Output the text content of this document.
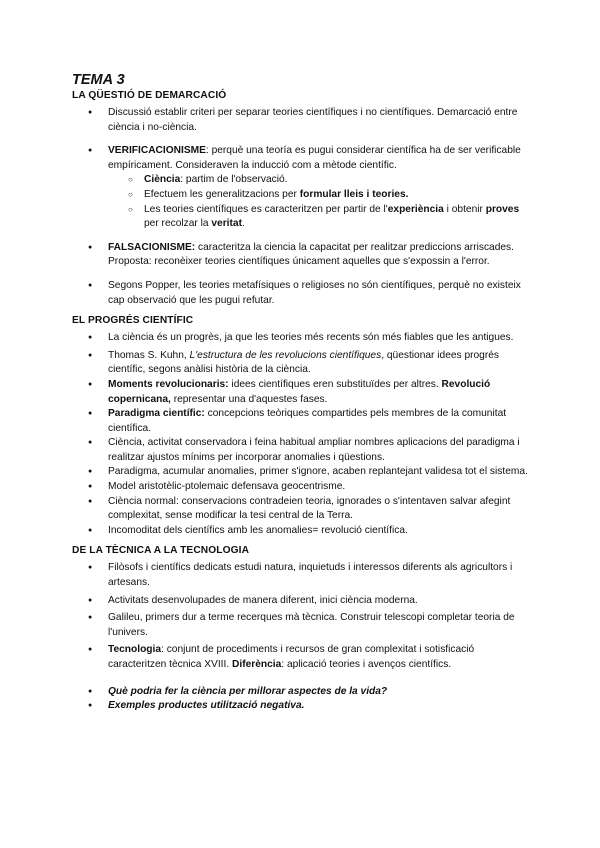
TEMA 3
LA QÜESTIÓ DE DEMARCACIÓ
● Discussió establir criteri per separar teories científiques i no científiques. Demarcació entre ciència i no-ciència.
● VERIFICACIONISME: perquè una teoría es pugui considerar científica ha de ser verificable empíricament. Consideraven la inducció com a mètode científic.
○ Ciència: partim de l'observació.
○ Efectuem les generalitzacions per formular lleis i teories.
○ Les teories científiques es caracteritzen per partir de l'experiència i obtenir proves per recolzar la veritat.
● FALSACIONISME: caracteritza la ciencia la capacitat per realitzar prediccions arriscades. Proposta: reconèixer teories científiques únicament aquelles que s'expossin a l'error.
● Segons Popper, les teories metafísiques o religioses no són científiques, perquè no existeix cap observació que les pugui refutar.
EL PROGRÉS CIENTÍFIC
● La ciència és un progrès, ja que les teories més recents són més fiables que les antigues.
● Thomas S. Kuhn, L'estructura de les revolucions científiques, qüestionar idees progrés científic, segons anàlisi història de la ciència.
● Moments revolucionaris: idees científiques eren substituïdes per altres. Revolució copernicana, representar una d'aquestes fases.
● Paradigma científic: concepcions teòriques compartides pels membres de la comunitat científica.
● Ciència, activitat conservadora i feina habitual ampliar nombres aplicacions del paradigma i realitzar ajustos mínims per incorporar anomalies i qüestions.
● Paradigma, acumular anomalies, primer s'ignore, acaben replantejant validesa tot el sistema.
● Model aristotèlic-ptolemaic defensava geocentrisme.
● Ciència normal: conservacions contradeien teoria, ignorades o s'intentaven salvar afegint complexitat, sense modificar la tesi central de la Terra.
● Incomoditat dels científics amb les anomalies= revolució científica.
DE LA TÈCNICA A LA TECNOLOGIA
● Filòsofs i científics dedicats estudi natura, inquietuds i interessos diferents als agricultors i artesans.
● Activitats desenvolupades de manera diferent, inici ciència moderna.
● Galileu, primers dur a terme recerques mà tècnica. Construir telescopi completar teoria de l'univers.
● Tecnologia: conjunt de procediments i recursos de gran complexitat i sotisficació caracteritzen tècnica XVIII. Diferència: aplicació teories i avenços científics.
● Què podria fer la ciència per millorar aspectes de la vida?
● Exemples productes utilització negativa.
